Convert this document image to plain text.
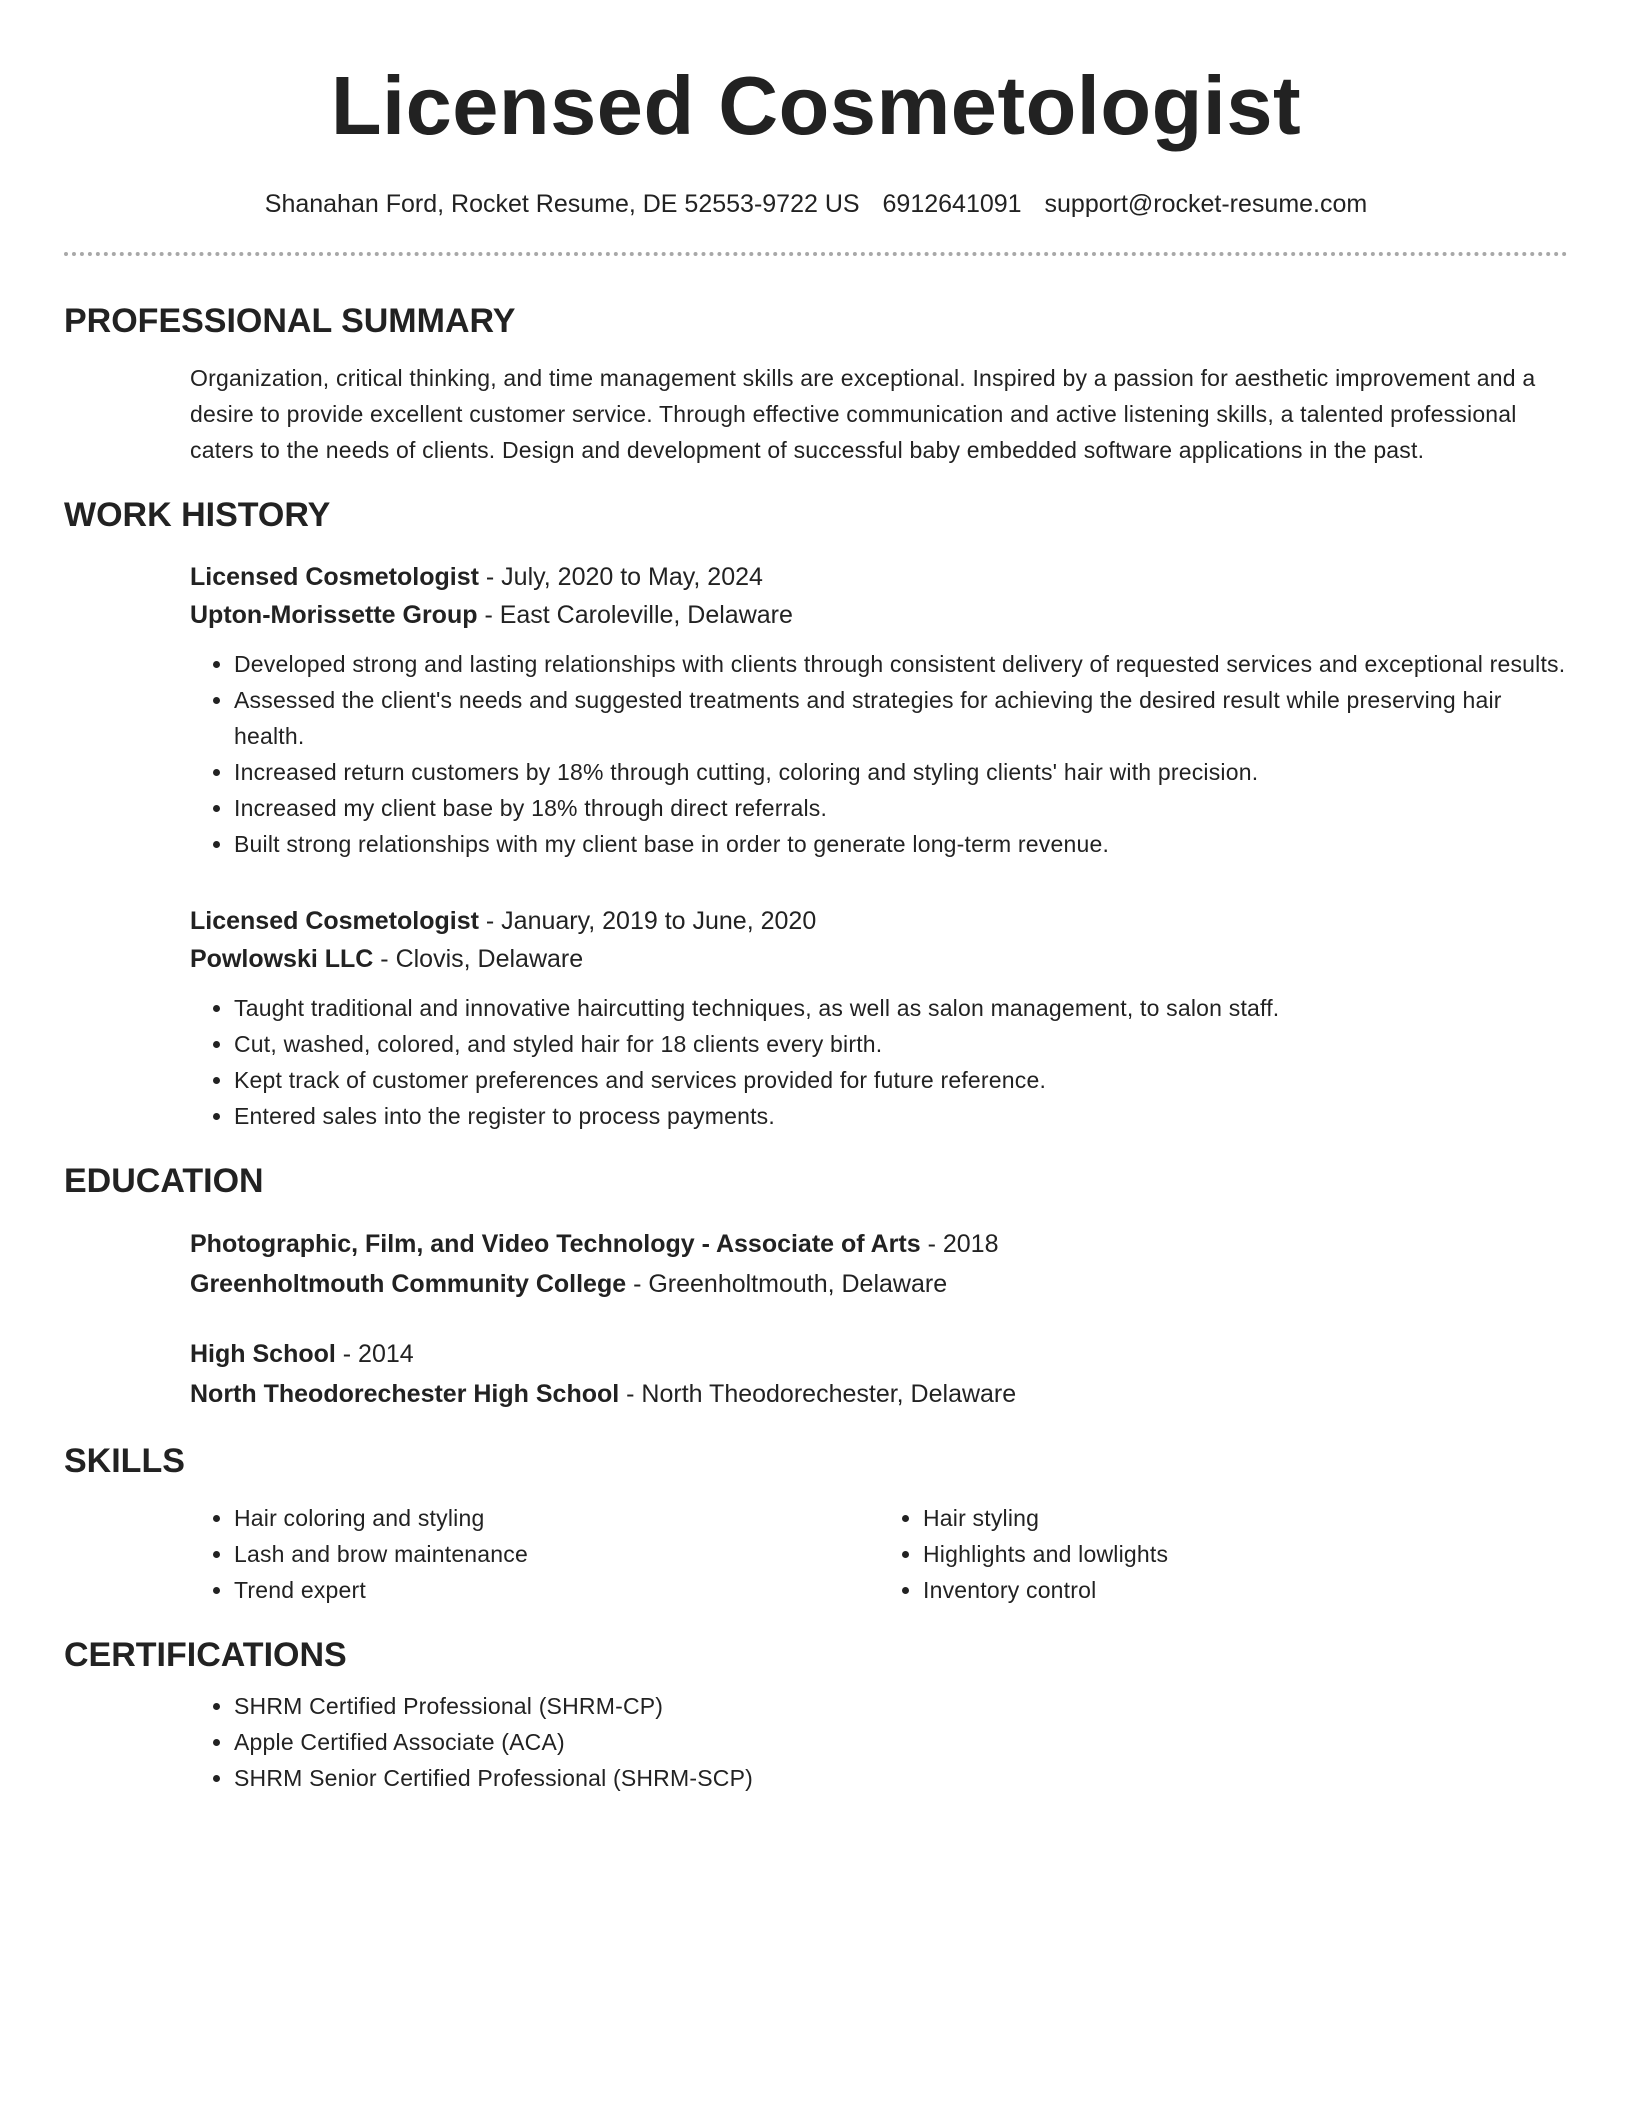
Licensed Cosmetologist
Shanahan Ford, Rocket Resume, DE 52553-9722 US 6912641091 support@rocket-resume.com
PROFESSIONAL SUMMARY
Organization, critical thinking, and time management skills are exceptional. Inspired by a passion for aesthetic improvement and a desire to provide excellent customer service. Through effective communication and active listening skills, a talented professional caters to the needs of clients. Design and development of successful baby embedded software applications in the past.
WORK HISTORY
Licensed Cosmetologist - July, 2020 to May, 2024
Upton-Morissette Group - East Caroleville, Delaware
• Developed strong and lasting relationships with clients through consistent delivery of requested services and exceptional results.
• Assessed the client's needs and suggested treatments and strategies for achieving the desired result while preserving hair health.
• Increased return customers by 18% through cutting, coloring and styling clients' hair with precision.
• Increased my client base by 18% through direct referrals.
• Built strong relationships with my client base in order to generate long-term revenue.
Licensed Cosmetologist - January, 2019 to June, 2020
Powlowski LLC - Clovis, Delaware
• Taught traditional and innovative haircutting techniques, as well as salon management, to salon staff.
• Cut, washed, colored, and styled hair for 18 clients every birth.
• Kept track of customer preferences and services provided for future reference.
• Entered sales into the register to process payments.
EDUCATION
Photographic, Film, and Video Technology - Associate of Arts - 2018
Greenholtmouth Community College - Greenholtmouth, Delaware
High School - 2014
North Theodorechester High School - North Theodorechester, Delaware
SKILLS
• Hair coloring and styling
• Lash and brow maintenance
• Trend expert
• Hair styling
• Highlights and lowlights
• Inventory control
CERTIFICATIONS
• SHRM Certified Professional (SHRM-CP)
• Apple Certified Associate (ACA)
• SHRM Senior Certified Professional (SHRM-SCP)
